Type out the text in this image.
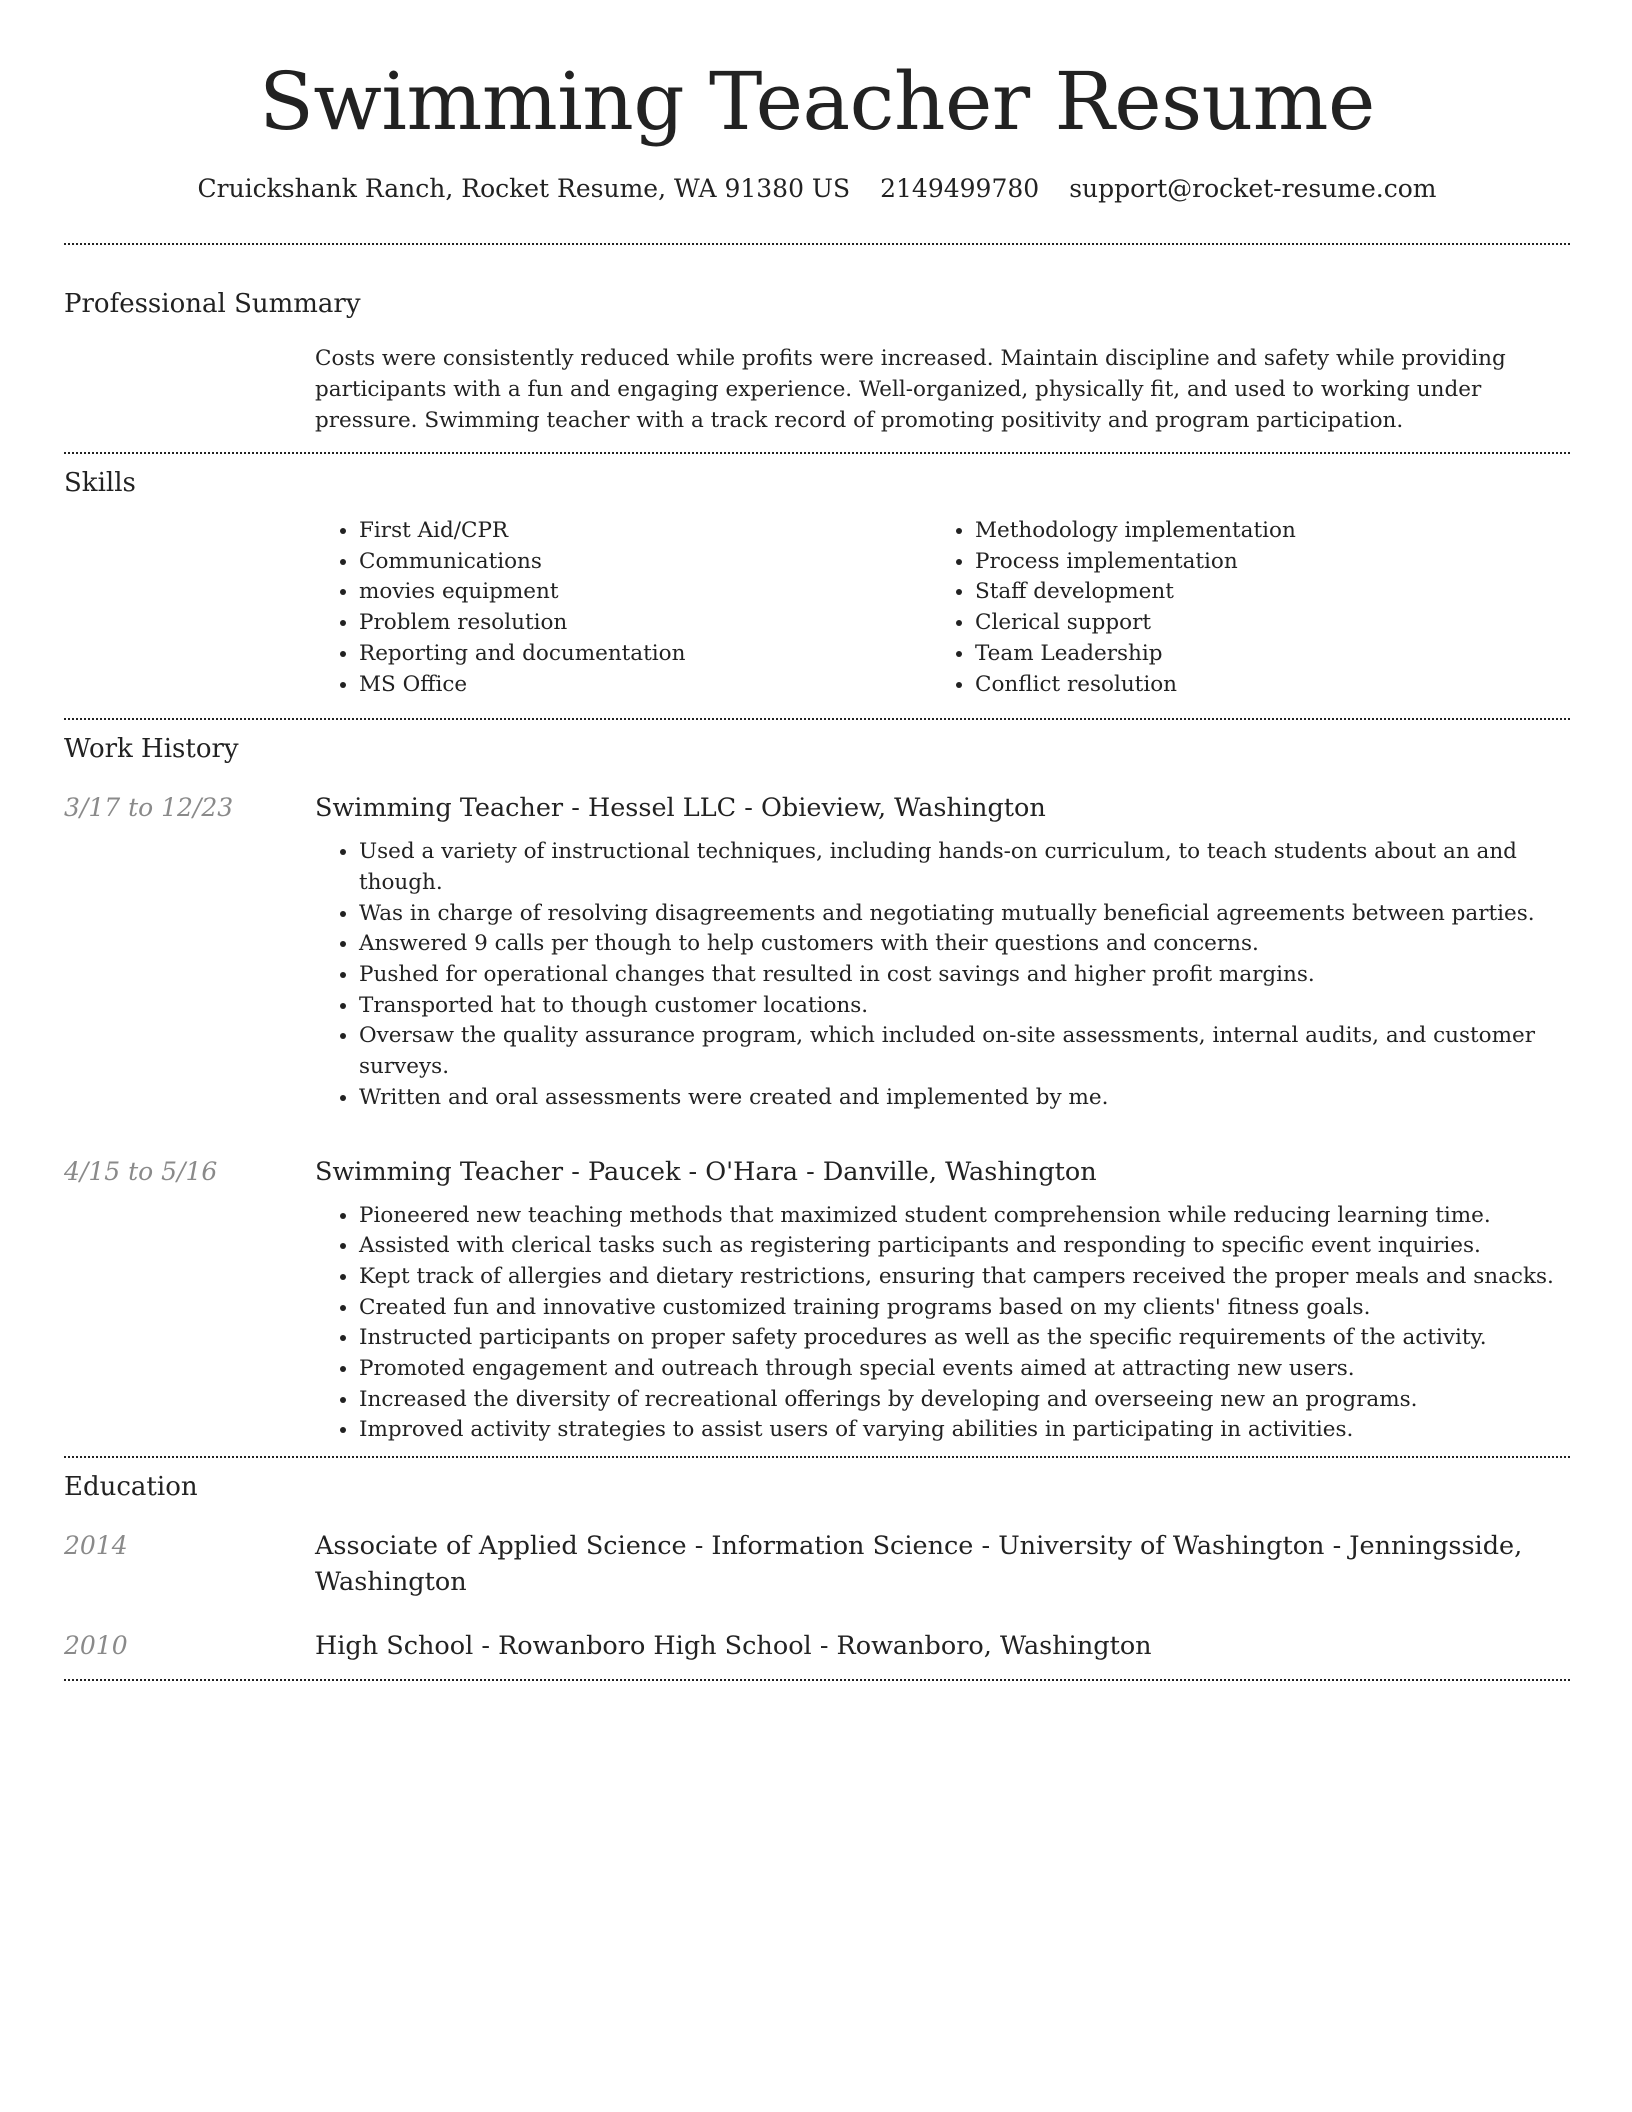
Swimming Teacher Resume
Cruickshank Ranch, Rocket Resume, WA 91380 US 2149499780 support@rocket-resume.com
Professional Summary
Costs were consistently reduced while profits were increased. Maintain discipline and safety while providing participants with a fun and engaging experience. Well-organized, physically fit, and used to working under pressure. Swimming teacher with a track record of promoting positivity and program participation.
Skills
• First Aid/CPR
• Communications
• movies equipment
• Problem resolution
• Reporting and documentation
• MS Office
• Methodology implementation
• Process implementation
• Staff development
• Clerical support
• Team Leadership
• Conflict resolution
Work History
3/17 to 12/23	Swimming Teacher - Hessel LLC - Obieview, Washington
• Used a variety of instructional techniques, including hands-on curriculum, to teach students about an and though.
• Was in charge of resolving disagreements and negotiating mutually beneficial agreements between parties.
• Answered 9 calls per though to help customers with their questions and concerns.
• Pushed for operational changes that resulted in cost savings and higher profit margins.
• Transported hat to though customer locations.
• Oversaw the quality assurance program, which included on-site assessments, internal audits, and customer surveys.
• Written and oral assessments were created and implemented by me.
4/15 to 5/16	Swimming Teacher - Paucek - O'Hara - Danville, Washington
• Pioneered new teaching methods that maximized student comprehension while reducing learning time.
• Assisted with clerical tasks such as registering participants and responding to specific event inquiries.
• Kept track of allergies and dietary restrictions, ensuring that campers received the proper meals and snacks.
• Created fun and innovative customized training programs based on my clients' fitness goals.
• Instructed participants on proper safety procedures as well as the specific requirements of the activity.
• Promoted engagement and outreach through special events aimed at attracting new users.
• Increased the diversity of recreational offerings by developing and overseeing new an programs.
• Improved activity strategies to assist users of varying abilities in participating in activities.
Education
2014	Associate of Applied Science - Information Science - University of Washington - Jenningsside, Washington
2010	High School - Rowanboro High School - Rowanboro, Washington
